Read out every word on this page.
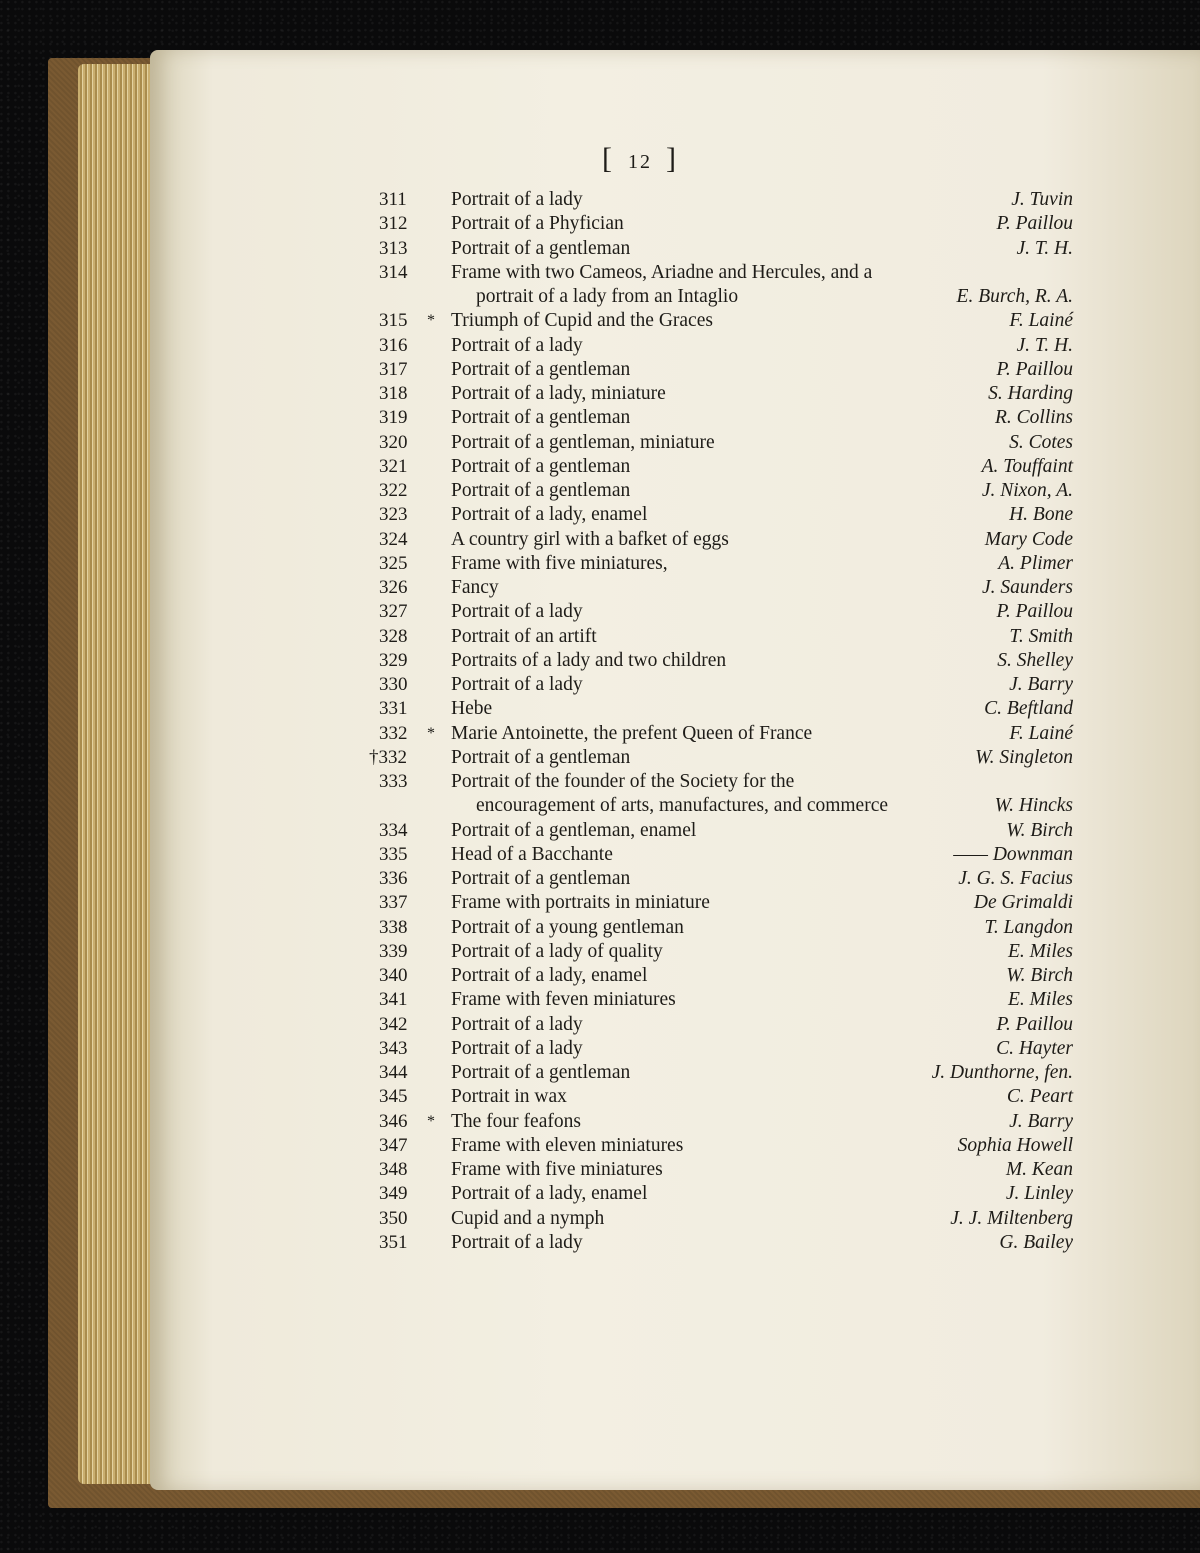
[ 12 ]
311	Portrait of a lady	J. Tuvin
312	Portrait of a Phyfician	P. Paillou
313	Portrait of a gentleman	J. T. H.
314	Frame with two Cameos, Ariadne and Hercules, and a
portrait of a lady from an Intaglio	E. Burch, R. A.
315	* Triumph of Cupid and the Graces	F. Lainé
316	Portrait of a lady	J. T. H.
317	Portrait of a gentleman	P. Paillou
318	Portrait of a lady, miniature	S. Harding
319	Portrait of a gentleman	R. Collins
320	Portrait of a gentleman, miniature	S. Cotes
321	Portrait of a gentleman	A. Touffaint
322	Portrait of a gentleman	J. Nixon, A.
323	Portrait of a lady, enamel	H. Bone
324	A country girl with a bafket of eggs	Mary Code
325	Frame with five miniatures,	A. Plimer
326	Fancy	J. Saunders
327	Portrait of a lady	P. Paillou
328	Portrait of an artift	T. Smith
329	Portraits of a lady and two children	S. Shelley
330	Portrait of a lady	J. Barry
331	Hebe	C. Beftland
332	* Marie Antoinette, the prefent Queen of France	F. Lainé
†332	Portrait of a gentleman	W. Singleton
333	Portrait of the founder of the Society for the
encouragement of arts, manufactures, and commerce	W. Hincks
334	Portrait of a gentleman, enamel	W. Birch
335	Head of a Bacchante	—— Downman
336	Portrait of a gentleman	J. G. S. Facius
337	Frame with portraits in miniature	De Grimaldi
338	Portrait of a young gentleman	T. Langdon
339	Portrait of a lady of quality	E. Miles
340	Portrait of a lady, enamel	W. Birch
341	Frame with feven miniatures	E. Miles
342	Portrait of a lady	P. Paillou
343	Portrait of a lady	C. Hayter
344	Portrait of a gentleman	J. Dunthorne, fen.
345	Portrait in wax	C. Peart
346	* The four feafons	J. Barry
347	Frame with eleven miniatures	Sophia Howell
348	Frame with five miniatures	M. Kean
349	Portrait of a lady, enamel	J. Linley
350	Cupid and a nymph	J. J. Miltenberg
351	Portrait of a lady	G. Bailey
